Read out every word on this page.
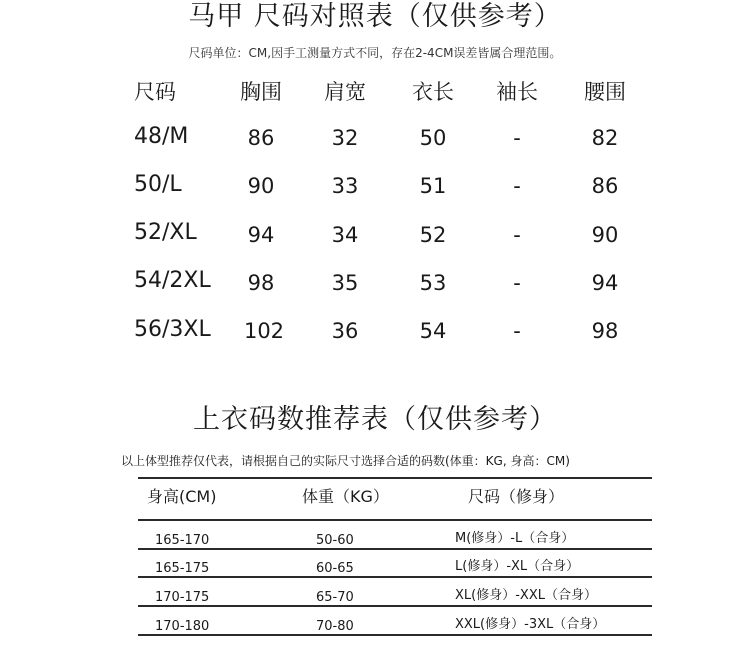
马甲 尺码对照表（仅供参考）
尺码单位：CM,因手工测量方式不同，存在2-4CM误差皆属合理范围。
尺码	胸围 肩宽 衣长 袖长 腰围
48/M	86	32	50	-	82
50/L	90	33	51	-	86
52/XL 94	34	52	-	90
54/2XL 98	35	53	-	94
56/3XL 102 36	54	-	98
上衣码数推荐表（仅供参考）
以上体型推荐仅代表，请根据自己的实际尺寸选择合适的码数(体重：KG, 身高：CM)
身高(CM)	体重（KG）	尺码（修身）
165-170	50-60	M(修身）-L（合身）
165-175	60-65	L(修身）-XL（合身）
170-175	65-70	XL(修身）-XXL（合身）
170-180	70-80	XXL(修身）-3XL（合身）
